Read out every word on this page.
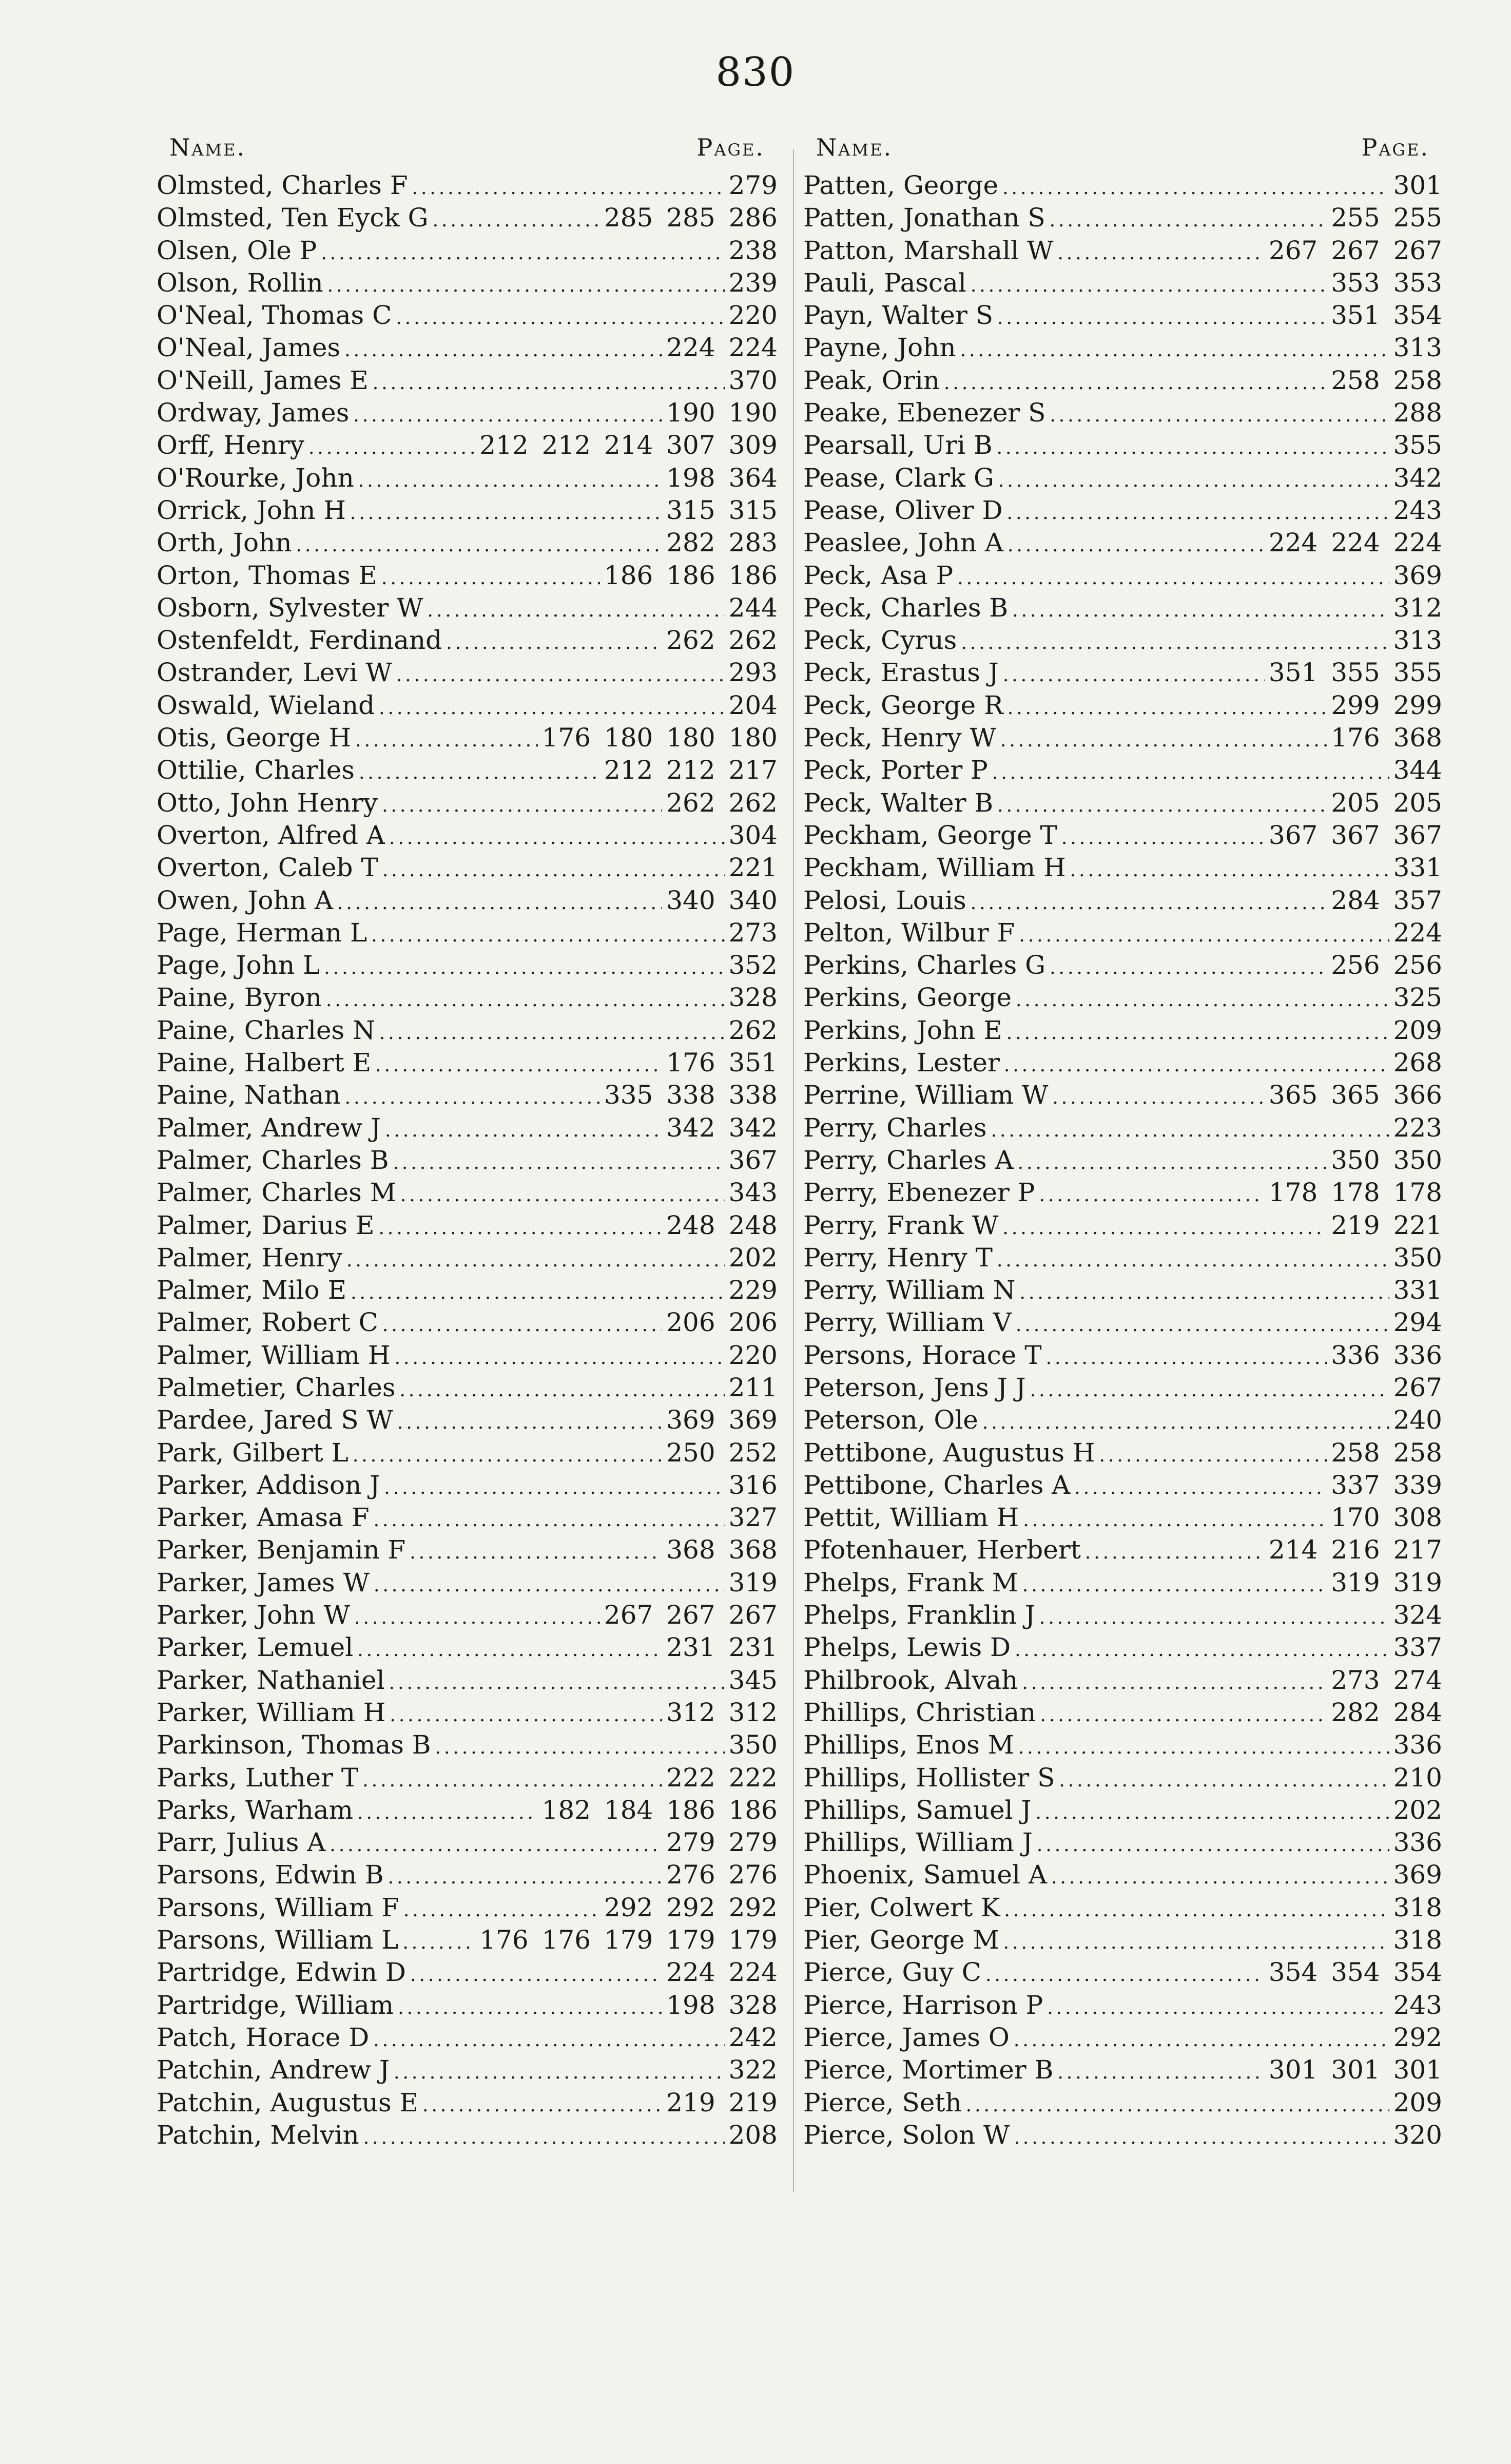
830
Name.	Page.
Olmsted, Charles F .....	279
Olmsted, Ten Eyck G .....	285 285 286
Olsen, Ole P .....	238
Olson, Rollin .....	239
O'Neal, Thomas C .....	220
O'Neal, James .....	224 224
O'Neill, James E .....	370
Ordway, James .....	190 190
Orff, Henry .....	212 212 214 307 309
O'Rourke, John .....	198 364
Orrick, John H .....	315 315
Orth, John .....	282 283
Orton, Thomas E .....	186 186 186
Osborn, Sylvester W .....	244
Ostenfeldt, Ferdinand .....	262 262
Ostrander, Levi W .....	293
Oswald, Wieland .....	204
Otis, George H .....	176 180 180 180
Ottilie, Charles .....	212 212 217
Otto, John Henry .....	262 262
Overton, Alfred A .....	304
Overton, Caleb T .....	221
Owen, John A .....	340 340
Page, Herman L .....	273
Page, John L .....	352
Paine, Byron .....	328
Paine, Charles N .....	262
Paine, Halbert E .....	176 351
Paine, Nathan .....	335 338 338
Palmer, Andrew J .....	342 342
Palmer, Charles B .....	367
Palmer, Charles M .....	343
Palmer, Darius E .....	248 248
Palmer, Henry .....	202
Palmer, Milo E .....	229
Palmer, Robert C .....	206 206
Palmer, William H .....	220
Palmetier, Charles .....	211
Pardee, Jared S W .....	369 369
Park, Gilbert L .....	250 252
Parker, Addison J .....	316
Parker, Amasa F .....	327
Parker, Benjamin F .....	368 368
Parker, James W .....	319
Parker, John W .....	267 267 267
Parker, Lemuel .....	231 231
Parker, Nathaniel .....	345
Parker, William H .....	312 312
Parkinson, Thomas B .....	350
Parks, Luther T .....	222 222
Parks, Warham .....	182 184 186 186
Parr, Julius A .....	279 279
Parsons, Edwin B .....	276 276
Parsons, William F .....	292 292 292
Parsons, William L .....	176 176 179 179 179
Partridge, Edwin D .....	224 224
Partridge, William .....	198 328
Patch, Horace D .....	242
Patchin, Andrew J .....	322
Patchin, Augustus E .....	219 219
Patchin, Melvin .....	208
Name.	Page.
Patten, George .....	301
Patten, Jonathan S .....	255 255
Patton, Marshall W .....	267 267 267
Pauli, Pascal .....	353 353
Payn, Walter S .....	351 354
Payne, John .....	313
Peak, Orin .....	258 258
Peake, Ebenezer S .....	288
Pearsall, Uri B .....	355
Pease, Clark G .....	342
Pease, Oliver D .....	243
Peaslee, John A .....	224 224 224
Peck, Asa P .....	369
Peck, Charles B .....	312
Peck, Cyrus .....	313
Peck, Erastus J .....	351 355 355
Peck, George R .....	299 299
Peck, Henry W .....	176 368
Peck, Porter P .....	344
Peck, Walter B .....	205 205
Peckham, George T .....	367 367 367
Peckham, William H .....	331
Pelosi, Louis .....	284 357
Pelton, Wilbur F .....	224
Perkins, Charles G .....	256 256
Perkins, George .....	325
Perkins, John E .....	209
Perkins, Lester .....	268
Perrine, William W .....	365 365 366
Perry, Charles .....	223
Perry, Charles A .....	350 350
Perry, Ebenezer P .....	178 178 178
Perry, Frank W .....	219 221
Perry, Henry T .....	350
Perry, William N .....	331
Perry, William V .....	294
Persons, Horace T .....	336 336
Peterson, Jens J J .....	267
Peterson, Ole .....	240
Pettibone, Augustus H .....	258 258
Pettibone, Charles A .....	337 339
Pettit, William H .....	170 308
Pfotenhauer, Herbert .....	214 216 217
Phelps, Frank M .....	319 319
Phelps, Franklin J .....	324
Phelps, Lewis D .....	337
Philbrook, Alvah .....	273 274
Phillips, Christian .....	282 284
Phillips, Enos M .....	336
Phillips, Hollister S .....	210
Phillips, Samuel J .....	202
Phillips, William J .....	336
Phoenix, Samuel A .....	369
Pier, Colwert K .....	318
Pier, George M .....	318
Pierce, Guy C .....	354 354 354
Pierce, Harrison P .....	243
Pierce, James O .....	292
Pierce, Mortimer B .....	301 301 301
Pierce, Seth .....	209
Pierce, Solon W .....	320
